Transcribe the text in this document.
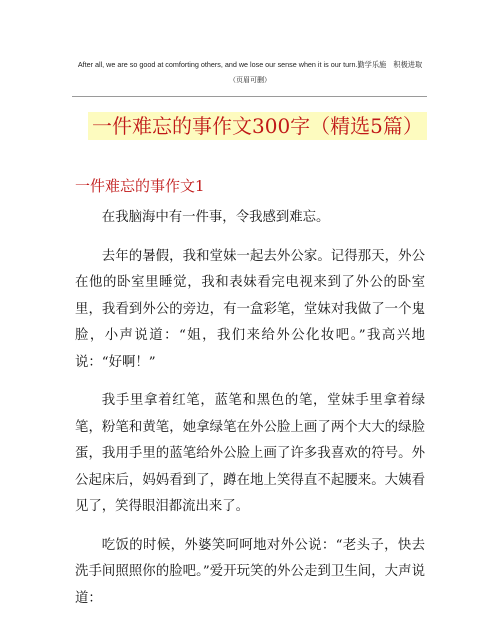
After all, we are so good at comforting others, and we lose our sense when it is our turn.勤学乐施　积极进取
（页眉可删）
一件难忘的事作文300字（精选5篇）
一件难忘的事作文1

在我脑海中有一件事，令我感到难忘。

去年的暑假，我和堂妹一起去外公家。记得那天，外公在他的卧室里睡觉，我和表妹看完电视来到了外公的卧室里，我看到外公的旁边，有一盒彩笔，堂妹对我做了一个鬼脸，小声说道：“姐，我们来给外公化妆吧。”我高兴地说：“好啊！”

我手里拿着红笔，蓝笔和黑色的笔，堂妹手里拿着绿笔，粉笔和黄笔，她拿绿笔在外公脸上画了两个大大的绿脸蛋，我用手里的蓝笔给外公脸上画了许多我喜欢的符号。外公起床后，妈妈看到了，蹲在地上笑得直不起腰来。大姨看见了，笑得眼泪都流出来了。

吃饭的时候，外婆笑呵呵地对外公说：“老头子，快去洗手间照照你的脸吧。”爱开玩笑的外公走到卫生间，大声说道：
